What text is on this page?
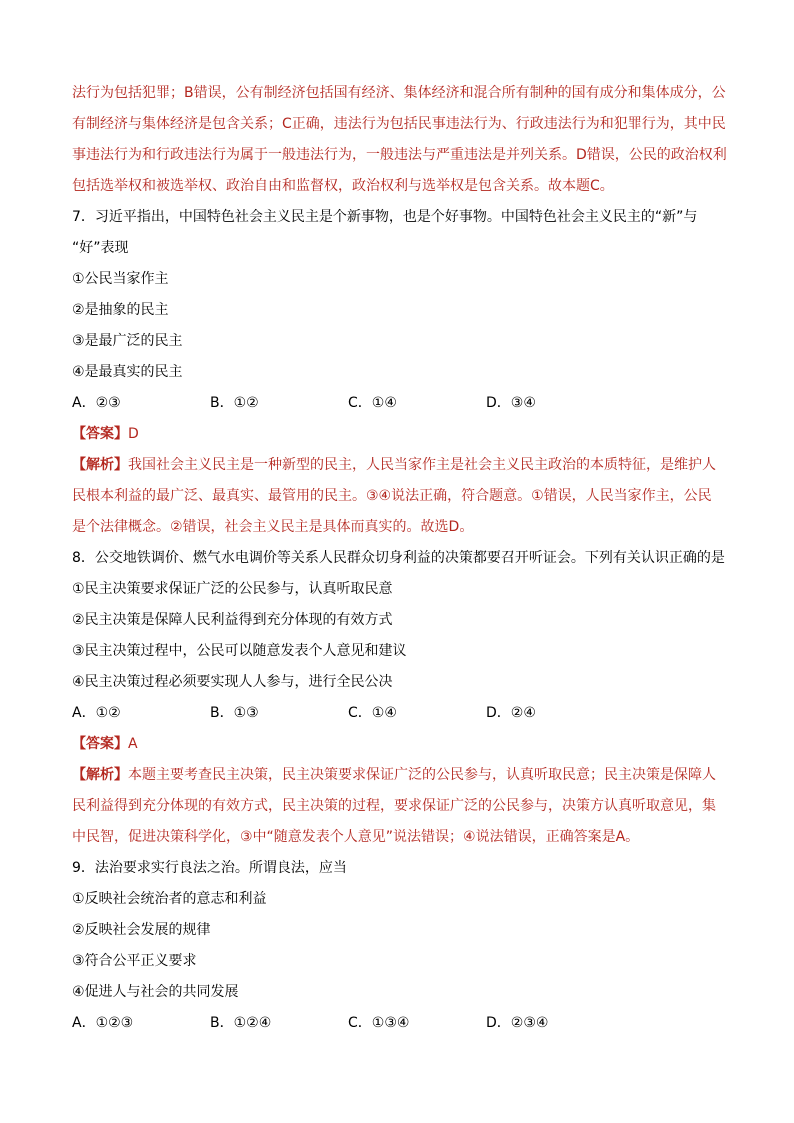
法行为包括犯罪；B错误，公有制经济包括国有经济、集体经济和混合所有制种的国有成分和集体成分，公
有制经济与集体经济是包含关系；C正确，违法行为包括民事违法行为、行政违法行为和犯罪行为，其中民
事违法行为和行政违法行为属于一般违法行为，一般违法与严重违法是并列关系。D错误，公民的政治权利
包括选举权和被选举权、政治自由和监督权，政治权利与选举权是包含关系。故本题C。
7．习近平指出，中国特色社会主义民主是个新事物，也是个好事物。中国特色社会主义民主的“新”与
“好”表现
①公民当家作主
②是抽象的民主
③是最广泛的民主
④是最真实的民主
A．②③	B．①②	C．①④	D．③④
【答案】D
【解析】我国社会主义民主是一种新型的民主，人民当家作主是社会主义民主政治的本质特征，是维护人
民根本利益的最广泛、最真实、最管用的民主。③④说法正确，符合题意。①错误，人民当家作主，公民
是个法律概念。②错误，社会主义民主是具体而真实的。故选D。
8．公交地铁调价、燃气水电调价等关系人民群众切身利益的决策都要召开听证会。下列有关认识正确的是
①民主决策要求保证广泛的公民参与，认真听取民意
②民主决策是保障人民利益得到充分体现的有效方式
③民主决策过程中，公民可以随意发表个人意见和建议
④民主决策过程必须要实现人人参与，进行全民公决
A．①②	B．①③	C．①④	D．②④
【答案】A
【解析】本题主要考查民主决策，民主决策要求保证广泛的公民参与，认真听取民意；民主决策是保障人
民利益得到充分体现的有效方式，民主决策的过程，要求保证广泛的公民参与，决策方认真听取意见，集
中民智，促进决策科学化，③中“随意发表个人意见”说法错误；④说法错误，正确答案是A。
9．法治要求实行良法之治。所谓良法，应当
①反映社会统治者的意志和利益
②反映社会发展的规律
③符合公平正义要求
④促进人与社会的共同发展
A．①②③	B．①②④	C．①③④	D．②③④
